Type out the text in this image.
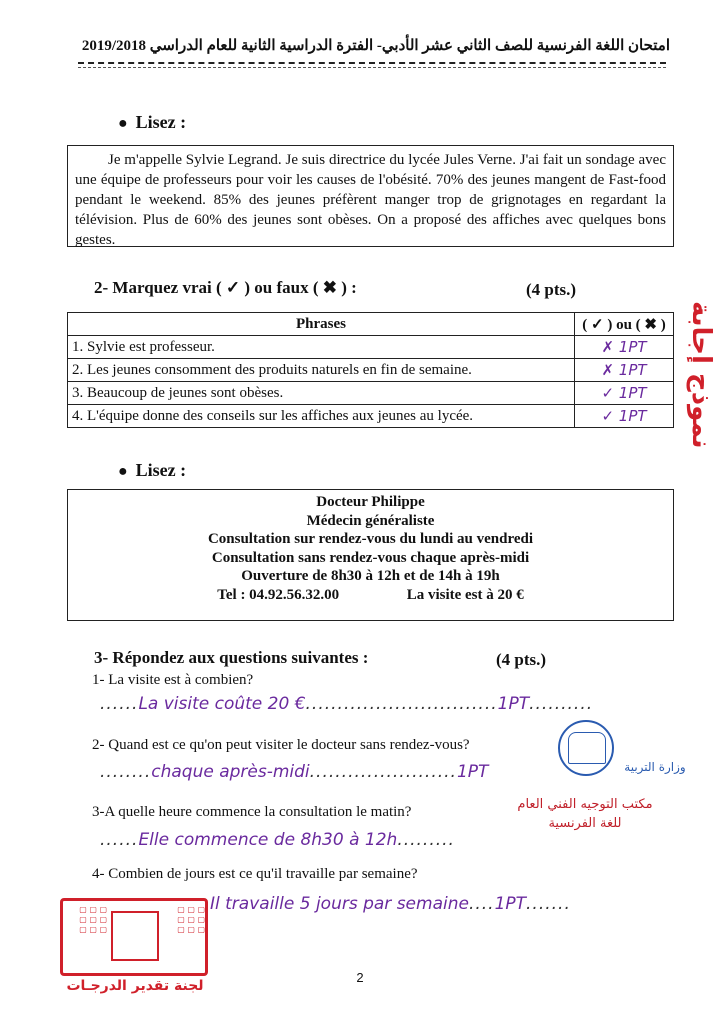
امتحان اللغة الفرنسية للصف الثاني عشر الأدبي- الفترة الدراسية الثانية للعام الدراسي 2019/2018
● Lisez :

Je m'appelle Sylvie Legrand. Je suis directrice du lycée Jules Verne. J'ai fait un sondage avec une équipe de professeurs pour voir les causes de l'obésité. 70% des jeunes mangent de Fast-food pendant le weekend. 85% des jeunes préfèrent manger trop de grignotages en regardant la télévision. Plus de 60% des jeunes sont obèses. On a proposé des affiches avec quelques bons gestes.

2- Marquez vrai ( ✓ ) ou faux ( ✖ ) :	(4 pts.)
Phrases	( ✓ ) ou ( ✖ )
1. Sylvie est professeur.	✗ 1PT
2. Les jeunes consomment des produits naturels en fin de semaine.	✗ 1PT
3. Beaucoup de jeunes sont obèses.	✓ 1PT
4. L'équipe donne des conseils sur les affiches aux jeunes au lycée.	✓ 1PT	نموذج إجابة
● Lisez :
Docteur Philippe
Médecin généraliste
Consultation sur rendez-vous du lundi au vendredi
Consultation sans rendez-vous chaque après-midi
Ouverture de 8h30 à 12h et de 14h à 19h
Tel : 04.92.56.32.00	La visite est à 20 €
3- Répondez aux questions suivantes :	(4 pts.)
1- La visite est à combien?
......La visite coûte 20 €..............................1PT..........
2- Quand est ce qu'on peut visiter le docteur sans rendez-vous?
........chaque après-midi.......................1PT
3-A quelle heure commence la consultation le matin?
......Elle commence de 8h30 à 12h.........
4- Combien de jours est ce qu'il travaille par semaine?
Il travaille 5 jours par semaine....1PT.......
وزارة التربية
مكتب التوجيه الفني العام
للغة الفرنسية
▢ ▢ ▢
▢ ▢ ▢
▢ ▢ ▢
▢ ▢ ▢
▢ ▢ ▢
▢ ▢ ▢
لجنة تقدير الدرجـات
2
